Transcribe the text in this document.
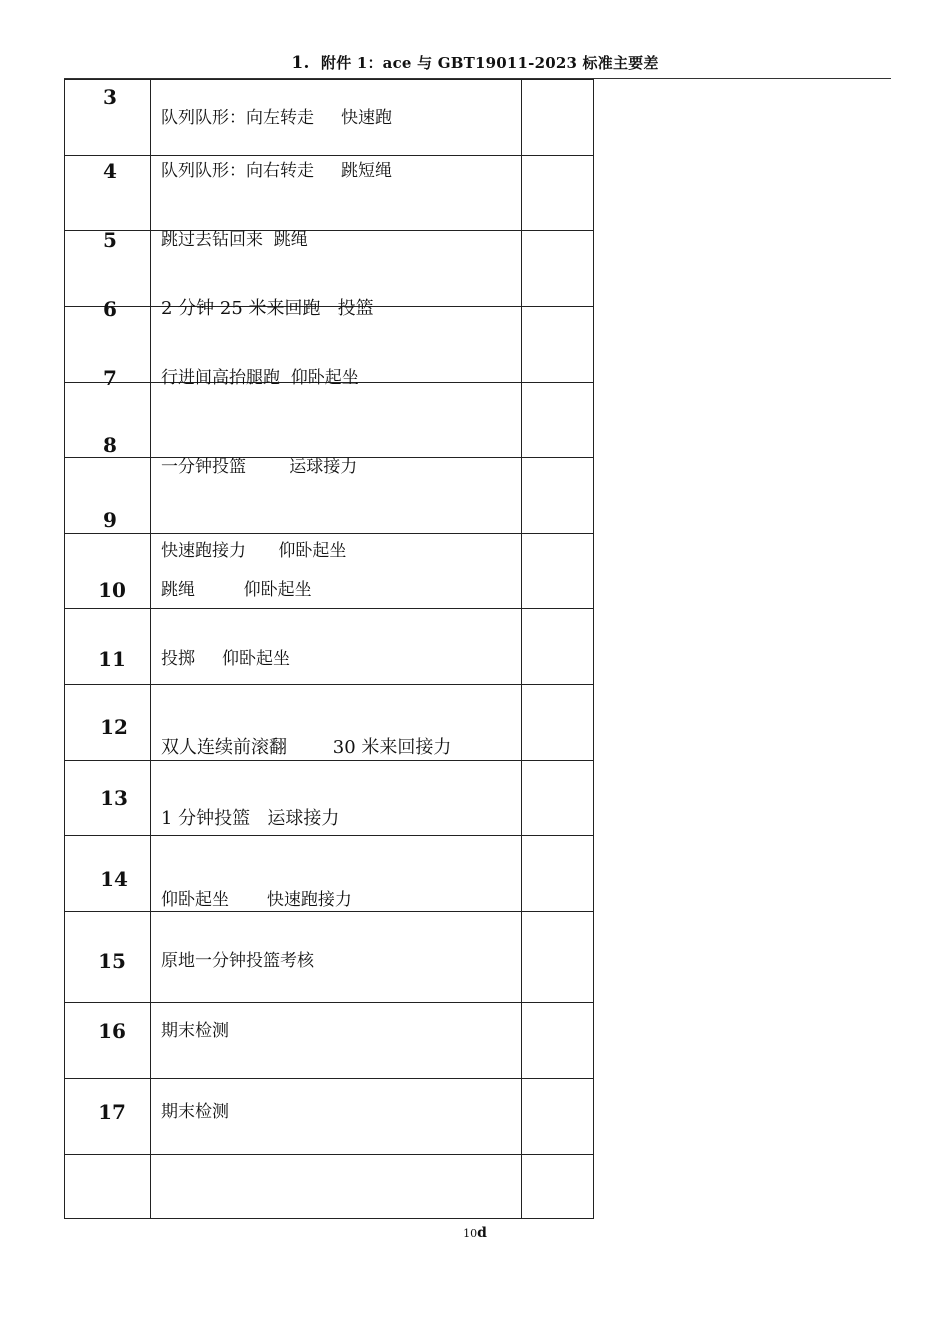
1. 附件 1：ace 与 GBT19011-2023 标准主要差
3
4
5
6
7
8
9
10
11
12
13
14
15
16
17
队列队形：向左转走     快速跑
队列队形：向右转走     跳短绳
跳过去钻回来  跳绳
2 分钟 25 米来回跑   投篮
行进间高抬腿跑  仰卧起坐
一分钟投篮        运球接力
快速跑接力      仰卧起坐
跳绳         仰卧起坐
投掷     仰卧起坐
双人连续前滚翻        30 米来回接力
1 分钟投篮   运球接力
仰卧起坐       快速跑接力
原地一分钟投篮考核
期末检测
期末检测
10d
